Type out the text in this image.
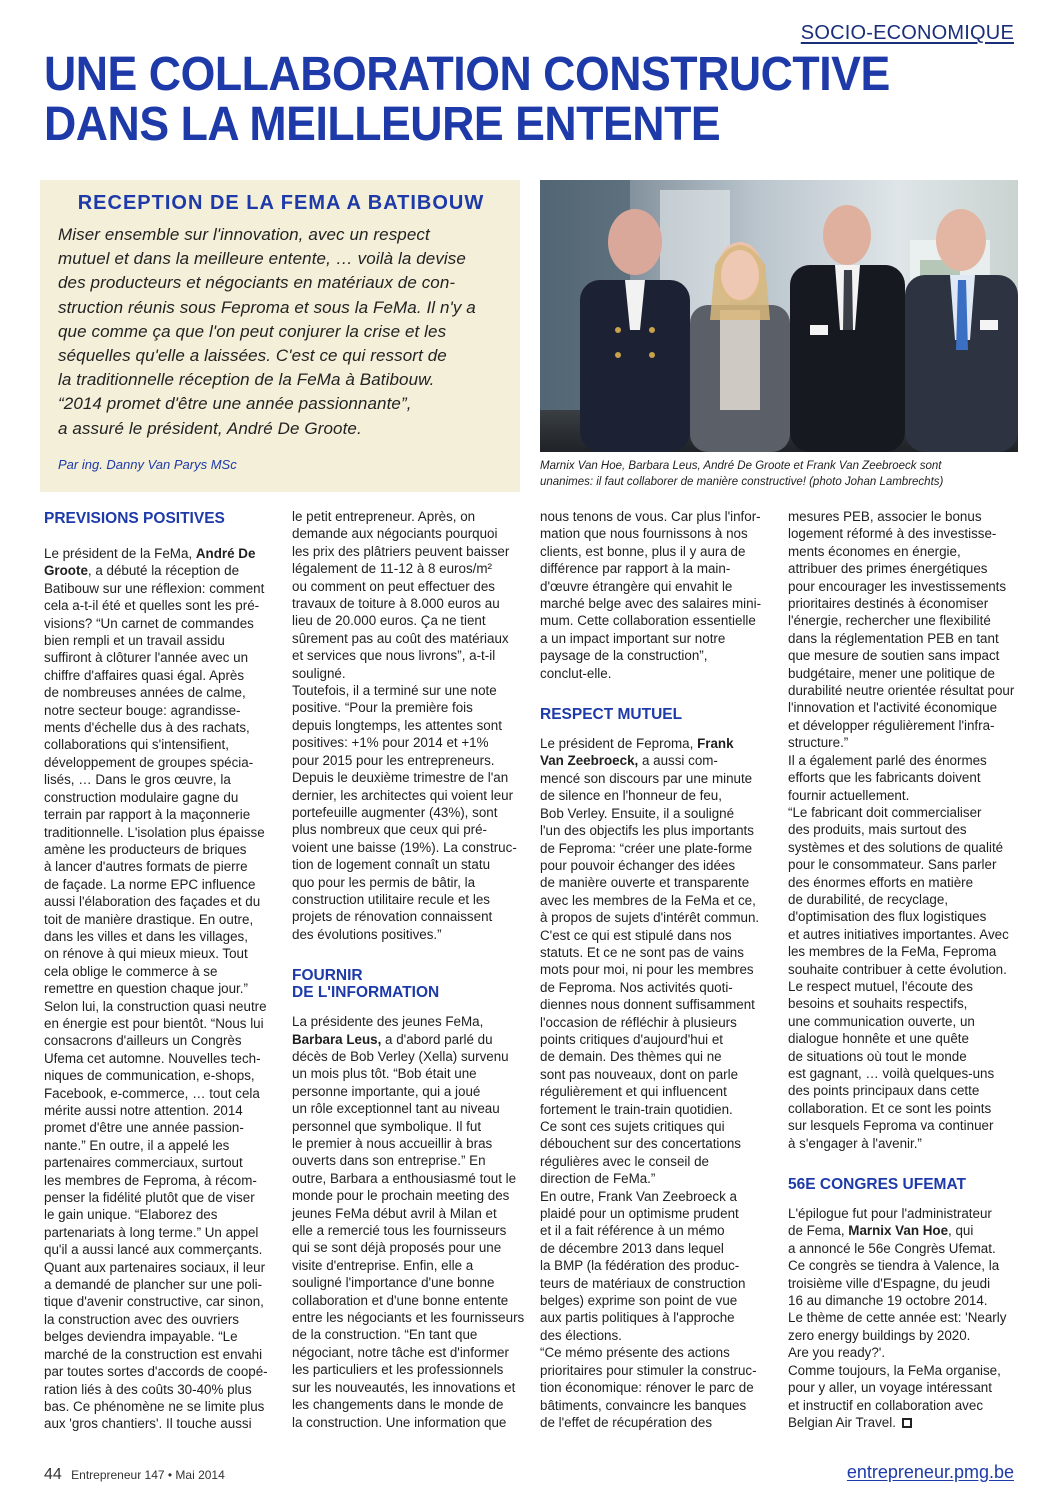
SOCIO-ECONOMIQUE
UNE COLLABORATION CONSTRUCTIVE
DANS LA MEILLEURE ENTENTE
RECEPTION DE LA FEMA A BATIBOUW
Miser ensemble sur l'innovation, avec un respect
mutuel et dans la meilleure entente, … voilà la devise
des producteurs et négociants en matériaux de con-
struction réunis sous Feproma et sous la FeMa. Il n'y a
que comme ça que l'on peut conjurer la crise et les
séquelles qu'elle a laissées. C'est ce qui ressort de
la traditionnelle réception de la FeMa à Batibouw.
“2014 promet d'être une année passionnante”,
a assuré le président, André De Groote.
Par ing. Danny Van Parys MSc	Marnix Van Hoe, Barbara Leus, André De Groote et Frank Van Zeebroeck sont
unanimes: il faut collaborer de manière constructive! (photo Johan Lambrechts)
PREVISIONS POSITIVES
Le président de la FeMa, André De
Groote, a débuté la réception de
Batibouw sur une réflexion: comment
cela a-t-il été et quelles sont les pré-
visions? “Un carnet de commandes
bien rempli et un travail assidu
suffiront à clôturer l'année avec un
chiffre d'affaires quasi égal. Après
de nombreuses années de calme,
notre secteur bouge: agrandisse-
ments d'échelle dus à des rachats,
collaborations qui s'intensifient,
développement de groupes spécia-
lisés, … Dans le gros œuvre, la
construction modulaire gagne du
terrain par rapport à la maçonnerie
traditionnelle. L'isolation plus épaisse
amène les producteurs de briques
à lancer d'autres formats de pierre
de façade. La norme EPC influence
aussi l'élaboration des façades et du
toit de manière drastique. En outre,
dans les villes et dans les villages,
on rénove à qui mieux mieux. Tout
cela oblige le commerce à se
remettre en question chaque jour.”
Selon lui, la construction quasi neutre
en énergie est pour bientôt. “Nous lui
consacrons d'ailleurs un Congrès
Ufema cet automne. Nouvelles tech-
niques de communication, e-shops,
Facebook, e-commerce, … tout cela
mérite aussi notre attention. 2014
promet d'être une année passion-
nante.” En outre, il a appelé les
partenaires commerciaux, surtout
les membres de Feproma, à récom-
penser la fidélité plutôt que de viser
le gain unique. “Elaborez des
partenariats à long terme.” Un appel
qu'il a aussi lancé aux commerçants.
Quant aux partenaires sociaux, il leur
a demandé de plancher sur une poli-
tique d'avenir constructive, car sinon,
la construction avec des ouvriers
belges deviendra impayable. “Le
marché de la construction est envahi
par toutes sortes d'accords de coopé-
ration liés à des coûts 30-40% plus
bas. Ce phénomène ne se limite plus
aux 'gros chantiers'. Il touche aussi
le petit entrepreneur. Après, on
demande aux négociants pourquoi
les prix des plâtriers peuvent baisser
légalement de 11-12 à 8 euros/m²
ou comment on peut effectuer des
travaux de toiture à 8.000 euros au
lieu de 20.000 euros. Ça ne tient
sûrement pas au coût des matériaux
et services que nous livrons”, a-t-il
souligné.
Toutefois, il a terminé sur une note
positive. “Pour la première fois
depuis longtemps, les attentes sont
positives: +1% pour 2014 et +1%
pour 2015 pour les entrepreneurs.
Depuis le deuxième trimestre de l'an
dernier, les architectes qui voient leur
portefeuille augmenter (43%), sont
plus nombreux que ceux qui pré-
voient une baisse (19%). La construc-
tion de logement connaît un statu
quo pour les permis de bâtir, la
construction utilitaire recule et les
projets de rénovation connaissent
des évolutions positives.”
FOURNIR
DE L'INFORMATION
La présidente des jeunes FeMa,
Barbara Leus, a d'abord parlé du
décès de Bob Verley (Xella) survenu
un mois plus tôt. “Bob était une
personne importante, qui a joué
un rôle exceptionnel tant au niveau
personnel que symbolique. Il fut
le premier à nous accueillir à bras
ouverts dans son entreprise.” En
outre, Barbara a enthousiasmé tout le
monde pour le prochain meeting des
jeunes FeMa début avril à Milan et
elle a remercié tous les fournisseurs
qui se sont déjà proposés pour une
visite d'entreprise. Enfin, elle a
souligné l'importance d'une bonne
collaboration et d'une bonne entente
entre les négociants et les fournisseurs
de la construction. “En tant que
négociant, notre tâche est d'informer
les particuliers et les professionnels
sur les nouveautés, les innovations et
les changements dans le monde de
la construction. Une information que
nous tenons de vous. Car plus l'infor-
mation que nous fournissons à nos
clients, est bonne, plus il y aura de
différence par rapport à la main-
d'œuvre étrangère qui envahit le
marché belge avec des salaires mini-
mum. Cette collaboration essentielle
a un impact important sur notre
paysage de la construction”,
conclut-elle.
RESPECT MUTUEL
Le président de Feproma, Frank
Van Zeebroeck, a aussi com-
mencé son discours par une minute
de silence en l'honneur de feu,
Bob Verley. Ensuite, il a souligné
l'un des objectifs les plus importants
de Feproma: “créer une plate-forme
pour pouvoir échanger des idées
de manière ouverte et transparente
avec les membres de la FeMa et ce,
à propos de sujets d'intérêt commun.
C'est ce qui est stipulé dans nos
statuts. Et ce ne sont pas de vains
mots pour moi, ni pour les membres
de Feproma. Nos activités quoti-
diennes nous donnent suffisamment
l'occasion de réfléchir à plusieurs
points critiques d'aujourd'hui et
de demain. Des thèmes qui ne
sont pas nouveaux, dont on parle
régulièrement et qui influencent
fortement le train-train quotidien.
Ce sont ces sujets critiques qui
débouchent sur des concertations
régulières avec le conseil de
direction de FeMa.”
En outre, Frank Van Zeebroeck a
plaidé pour un optimisme prudent
et il a fait référence à un mémo
de décembre 2013 dans lequel
la BMP (la fédération des produc-
teurs de matériaux de construction
belges) exprime son point de vue
aux partis politiques à l'approche
des élections.
“Ce mémo présente des actions
prioritaires pour stimuler la construc-
tion économique: rénover le parc de
bâtiments, convaincre les banques
de l'effet de récupération des
mesures PEB, associer le bonus
logement réformé à des investisse-
ments économes en énergie,
attribuer des primes énergétiques
pour encourager les investissements
prioritaires destinés à économiser
l'énergie, rechercher une flexibilité
dans la réglementation PEB en tant
que mesure de soutien sans impact
budgétaire, mener une politique de
durabilité neutre orientée résultat pour
l'innovation et l'activité économique
et développer régulièrement l'infra-
structure.”
Il a également parlé des énormes
efforts que les fabricants doivent
fournir actuellement.
“Le fabricant doit commercialiser
des produits, mais surtout des
systèmes et des solutions de qualité
pour le consommateur. Sans parler
des énormes efforts en matière
de durabilité, de recyclage,
d'optimisation des flux logistiques
et autres initiatives importantes. Avec
les membres de la FeMa, Feproma
souhaite contribuer à cette évolution.
Le respect mutuel, l'écoute des
besoins et souhaits respectifs,
une communication ouverte, un
dialogue honnête et une quête
de situations où tout le monde
est gagnant, … voilà quelques-uns
des points principaux dans cette
collaboration. Et ce sont les points
sur lesquels Feproma va continuer
à s'engager à l'avenir.”
56E CONGRES UFEMAT
L'épilogue fut pour l'administrateur
de Fema, Marnix Van Hoe, qui
a annoncé le 56e Congrès Ufemat.
Ce congrès se tiendra à Valence, la
troisième ville d'Espagne, du jeudi
16 au dimanche 19 octobre 2014.
Le thème de cette année est: 'Nearly
zero energy buildings by 2020.
Are you ready?'.
Comme toujours, la FeMa organise,
pour y aller, un voyage intéressant
et instructif en collaboration avec
Belgian Air Travel.
44 Entrepreneur 147 • Mai 2014	entrepreneur.pmg.be
